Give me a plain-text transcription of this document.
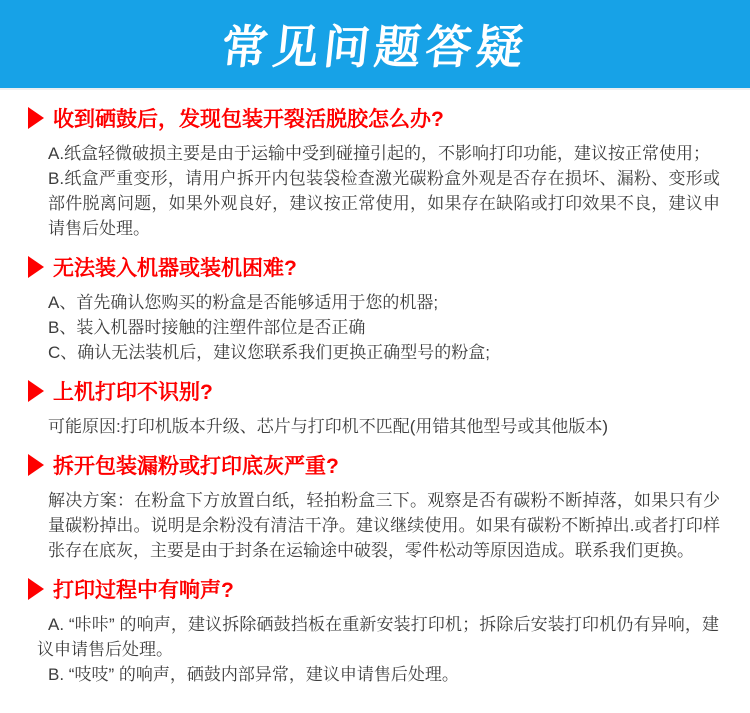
常见问题答疑
收到硒鼓后，发现包装开裂活脱胶怎么办?

A.纸盒轻微破损主要是由于运输中受到碰撞引起的，不影响打印功能，建议按正常使用；

B.纸盒严重变形，请用户拆开内包装袋检查激光碳粉盒外观是否存在损坏、漏粉、变形或部件脱离问题，如果外观良好，建议按正常使用，如果存在缺陷或打印效果不良，建议申请售后处理。

无法装入机器或装机困难?

A、首先确认您购买的粉盒是否能够适用于您的机器;

B、装入机器时接触的注塑件部位是否正确

C、确认无法装机后，建议您联系我们更换正确型号的粉盒;

上机打印不识别?

可能原因:打印机版本升级、芯片与打印机不匹配(用错其他型号或其他版本)

拆开包装漏粉或打印底灰严重?

解决方案：在粉盒下方放置白纸，轻拍粉盒三下。观察是否有碳粉不断掉落，如果只有少量碳粉掉出。说明是余粉没有清洁干净。建议继续使用。如果有碳粉不断掉出.或者打印样张存在底灰，主要是由于封条在运输途中破裂，零件松动等原因造成。联系我们更换。

打印过程中有响声?

A. “咔咔” 的响声，建议拆除硒鼓挡板在重新安装打印机；拆除后安装打印机仍有异响，建议申请售后处理。

B. “吱吱” 的响声，硒鼓内部异常，建议申请售后处理。
